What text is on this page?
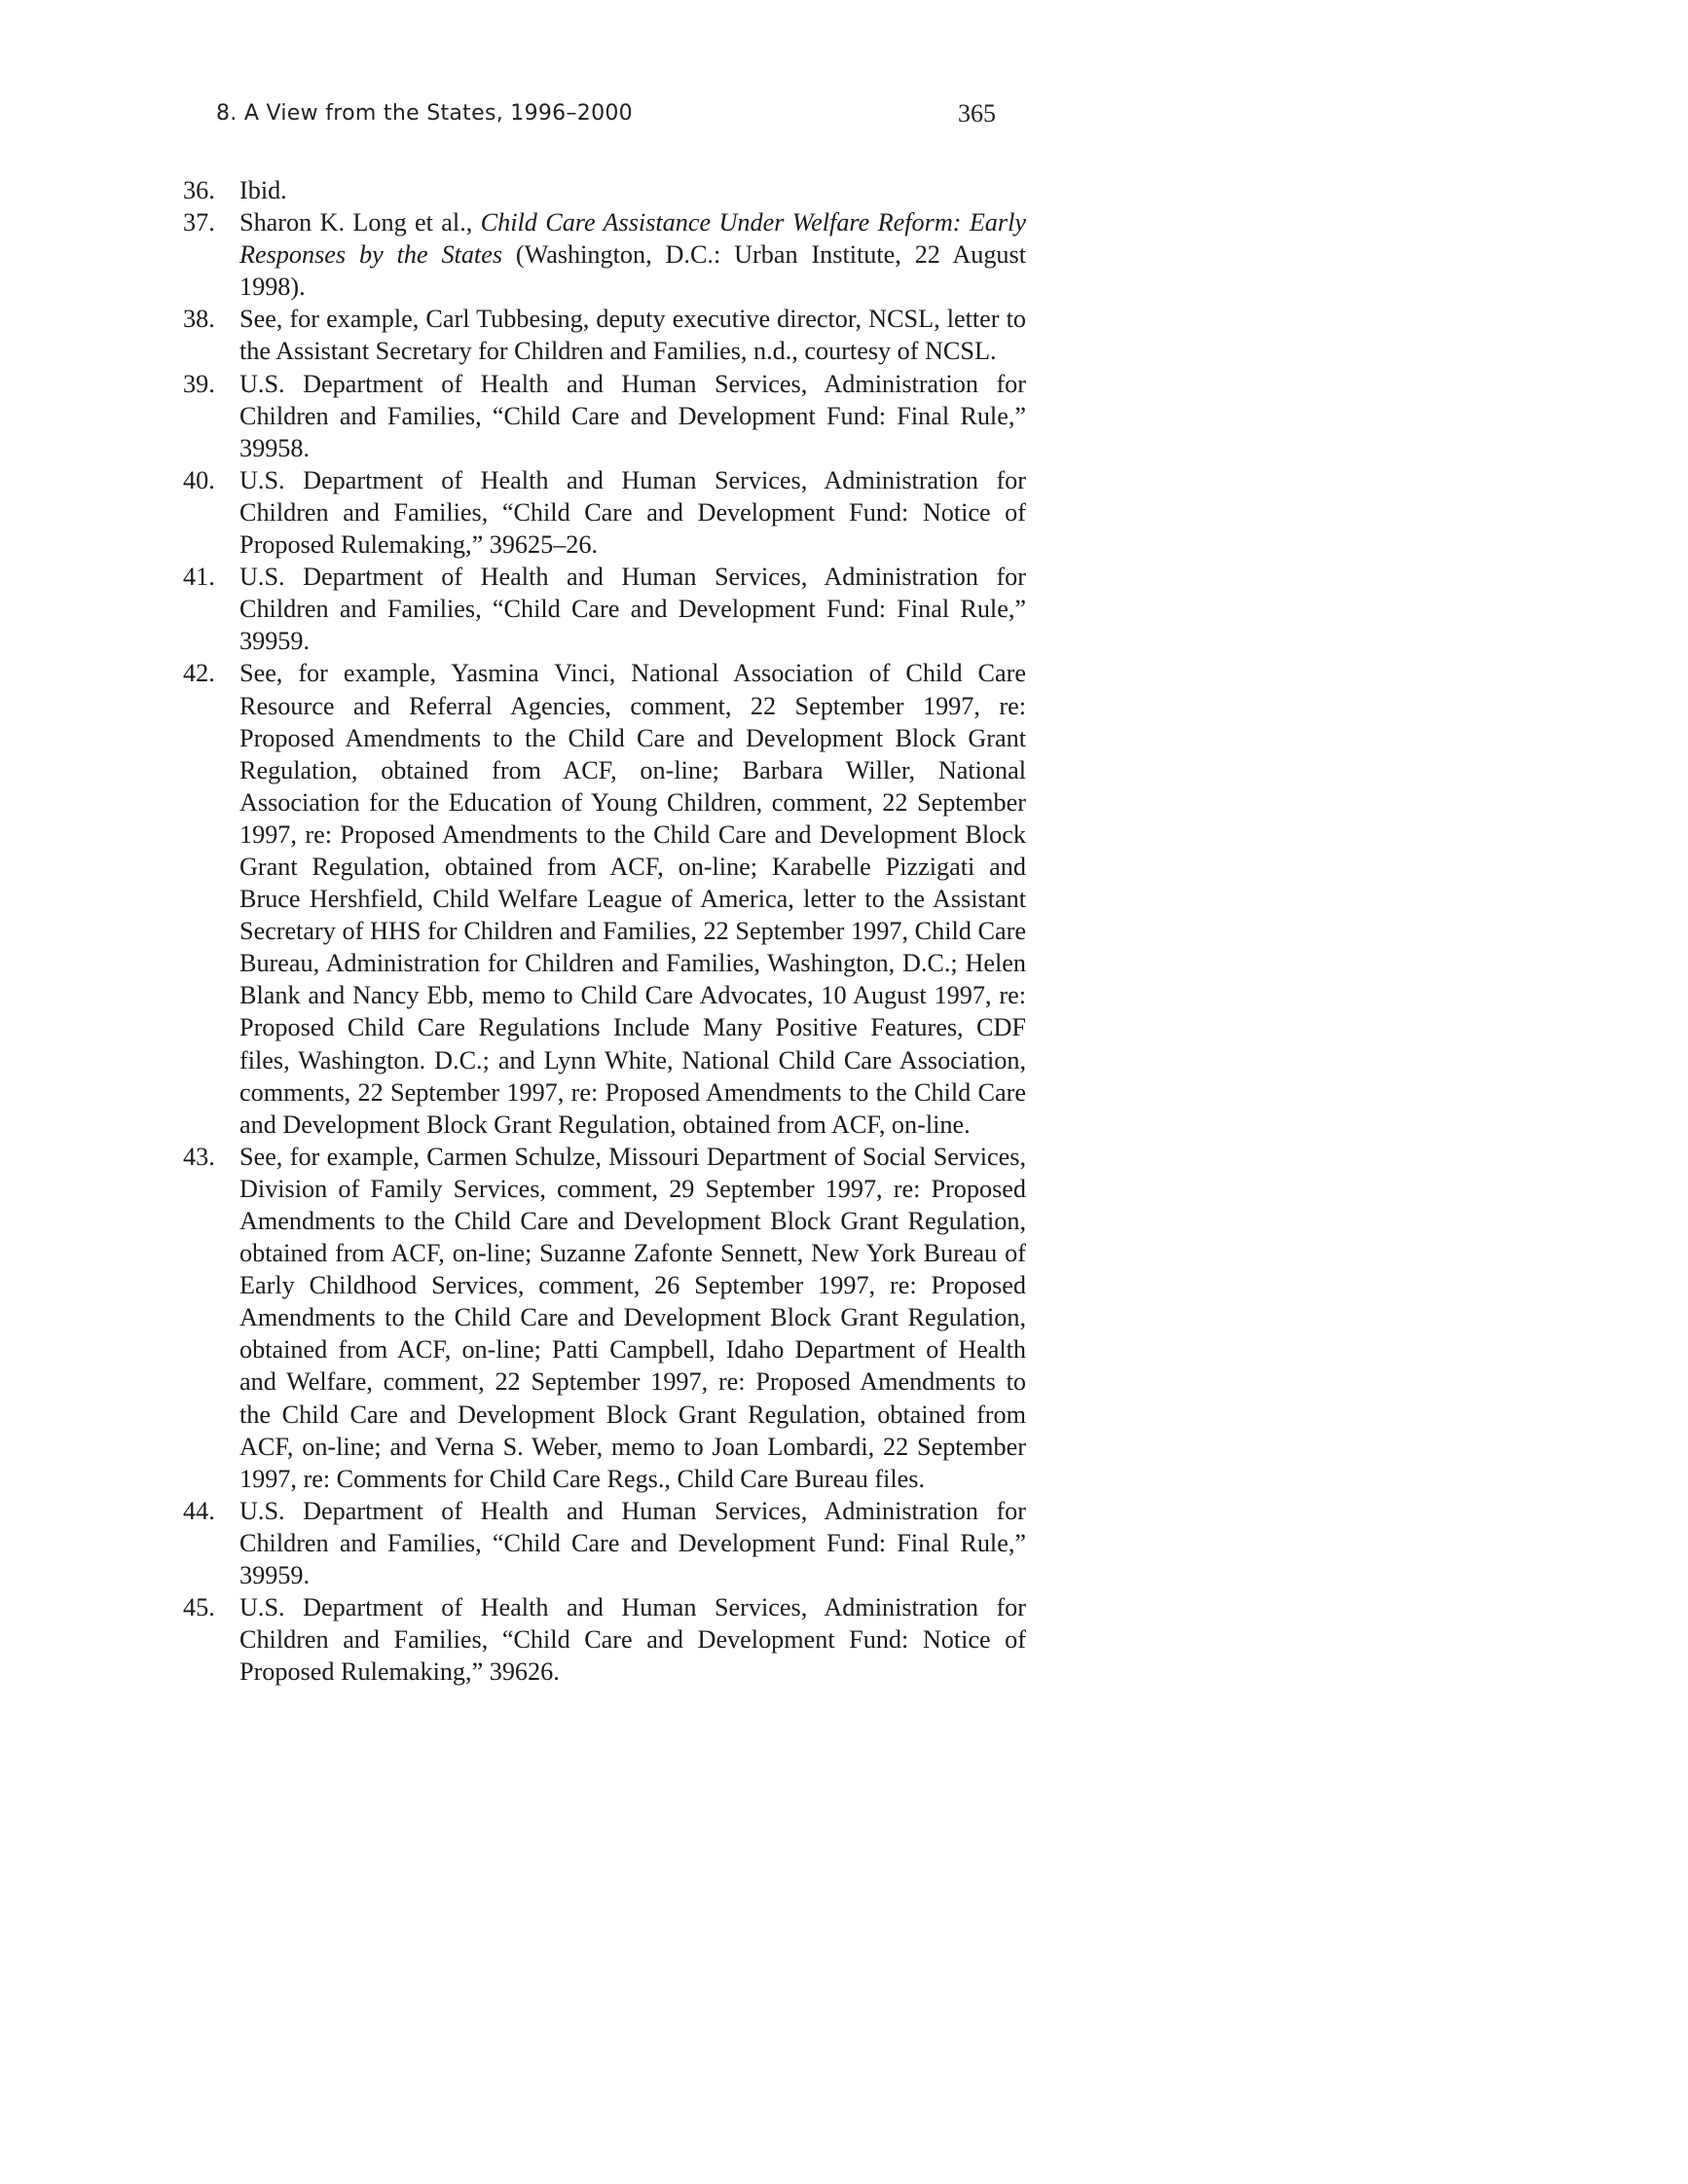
8. A View from the States, 1996–2000	365
36. Ibid.
37. Sharon K. Long et al., Child Care Assistance Under Welfare Reform: Early Responses by the States (Washington, D.C.: Urban Institute, 22 August 1998).
38. See, for example, Carl Tubbesing, deputy executive director, NCSL, letter to the Assistant Secretary for Children and Families, n.d., courtesy of NCSL.
39. U.S. Department of Health and Human Services, Administration for Children and Families, “Child Care and Development Fund: Final Rule,” 39958.
40. U.S. Department of Health and Human Services, Administration for Children and Families, “Child Care and Development Fund: Notice of Proposed Rulemaking,” 39625–26.
41. U.S. Department of Health and Human Services, Administration for Children and Families, “Child Care and Development Fund: Final Rule,” 39959.
42. See, for example, Yasmina Vinci, National Association of Child Care Resource and Referral Agencies, comment, 22 September 1997, re: Proposed Amendments to the Child Care and Development Block Grant Regulation, obtained from ACF, on-line; Barbara Willer, National Association for the Education of Young Children, comment, 22 September 1997, re: Proposed Amendments to the Child Care and Development Block Grant Regulation, obtained from ACF, on-line; Karabelle Pizzigati and Bruce Hershfield, Child Welfare League of America, letter to the Assistant Secretary of HHS for Children and Families, 22 September 1997, Child Care Bureau, Administration for Children and Families, Washington, D.C.; Helen Blank and Nancy Ebb, memo to Child Care Advocates, 10 August 1997, re: Proposed Child Care Regulations Include Many Positive Features, CDF files, Washington. D.C.; and Lynn White, National Child Care Association, comments, 22 September 1997, re: Proposed Amendments to the Child Care and Development Block Grant Regulation, obtained from ACF, on-line.
43. See, for example, Carmen Schulze, Missouri Department of Social Services, Division of Family Services, comment, 29 September 1997, re: Proposed Amendments to the Child Care and Development Block Grant Regulation, obtained from ACF, on-line; Suzanne Zafonte Sennett, New York Bureau of Early Childhood Services, comment, 26 September 1997, re: Proposed Amendments to the Child Care and Development Block Grant Regulation, obtained from ACF, on-line; Patti Campbell, Idaho Department of Health and Welfare, comment, 22 September 1997, re: Proposed Amendments to the Child Care and Development Block Grant Regulation, obtained from ACF, on-line; and Verna S. Weber, memo to Joan Lombardi, 22 September 1997, re: Comments for Child Care Regs., Child Care Bureau files.
44. U.S. Department of Health and Human Services, Administration for Children and Families, “Child Care and Development Fund: Final Rule,” 39959.
45. U.S. Department of Health and Human Services, Administration for Children and Families, “Child Care and Development Fund: Notice of Proposed Rulemaking,” 39626.
